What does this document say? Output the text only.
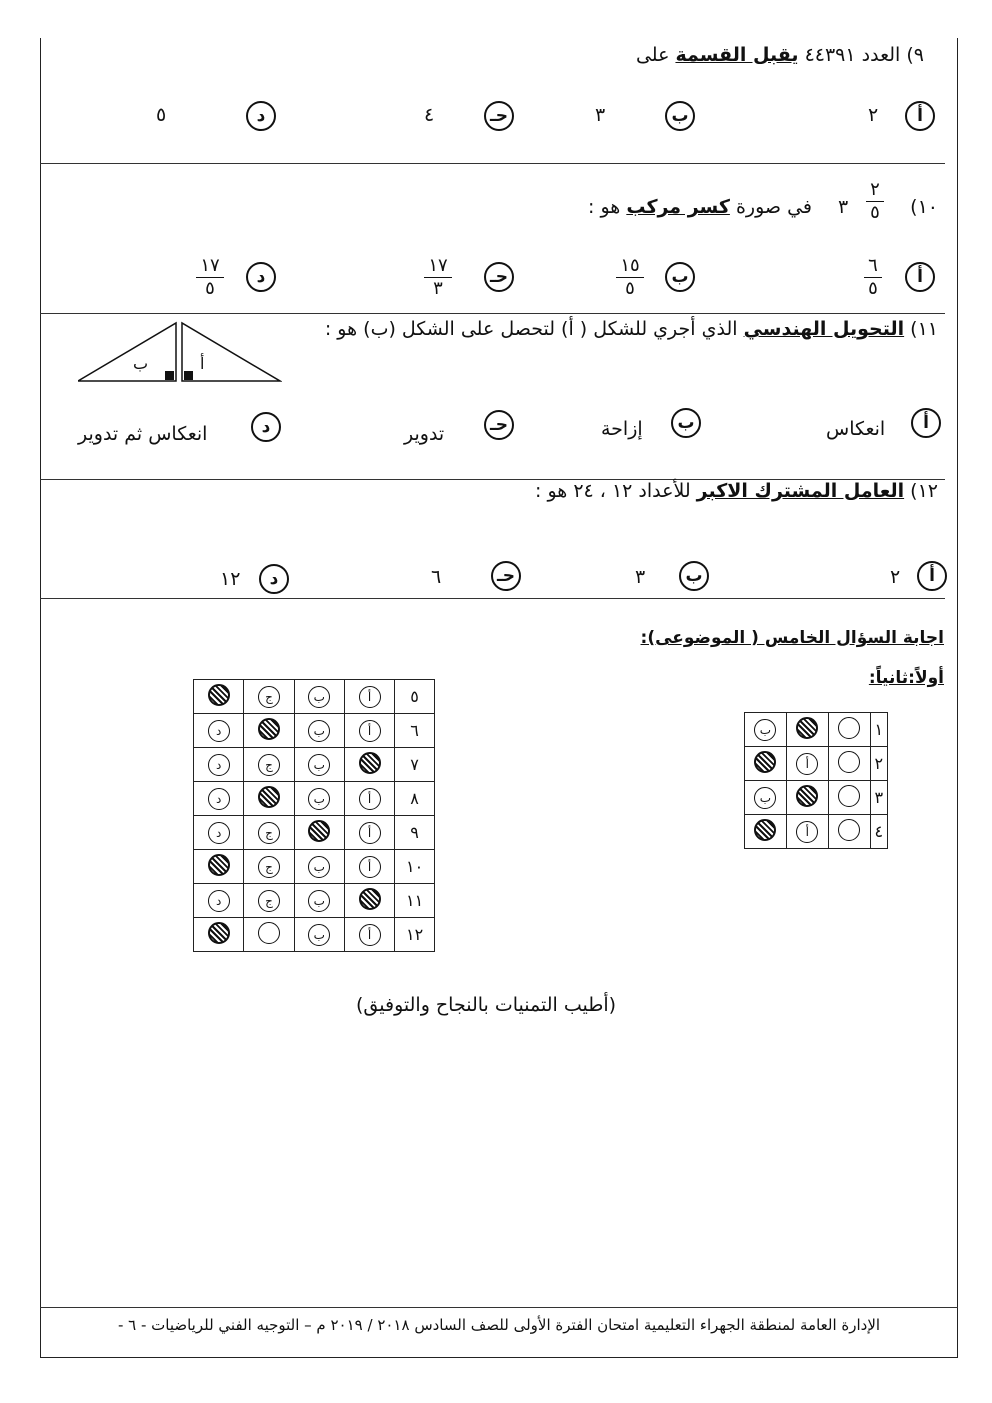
٩) العدد ٤٤٣٩١ يقبل القسمة على
أ
٢
ب
٣
حـ
٤
د
٥
١٠)
٢
٥
٣
في صورة كسر مركب هو :
أ
٦
٥
ب
١٥
٥
حـ
١٧
٣
د
١٧
٥
١١) التحويل الهندسي الذي أجري للشكل ( أ) لتحصل على الشكل (ب) هو :
ب	أ
أ
انعكاس
ب
إزاحة
حـ
تدوير
د
انعكاس ثم تدوير
١٢) العامل المشترك الاكبر للأعداد ١٢ ، ٢٤ هو :
أ
٢
ب
٣
حـ
٦
د
١٢
اجابة السؤال الخامس ( الموضوعى):
أولاً:ثانياً:
ب			١
	أ		٢
ب			٣
	أ		٤
	ج	ب	أ	٥
د		ب	أ	٦
د	ج	ب		٧
د		ب	أ	٨
د	ج		أ	٩
	ج	ب	أ	١٠
د	ج	ب		١١
		ب	أ	١٢
(أطيب التمنيات بالنجاح والتوفيق)
الإدارة العامة لمنطقة الجهراء التعليمية امتحان الفترة الأولى للصف السادس ٢٠١٨ / ٢٠١٩ م – التوجيه الفني للرياضيات - ٦ -
